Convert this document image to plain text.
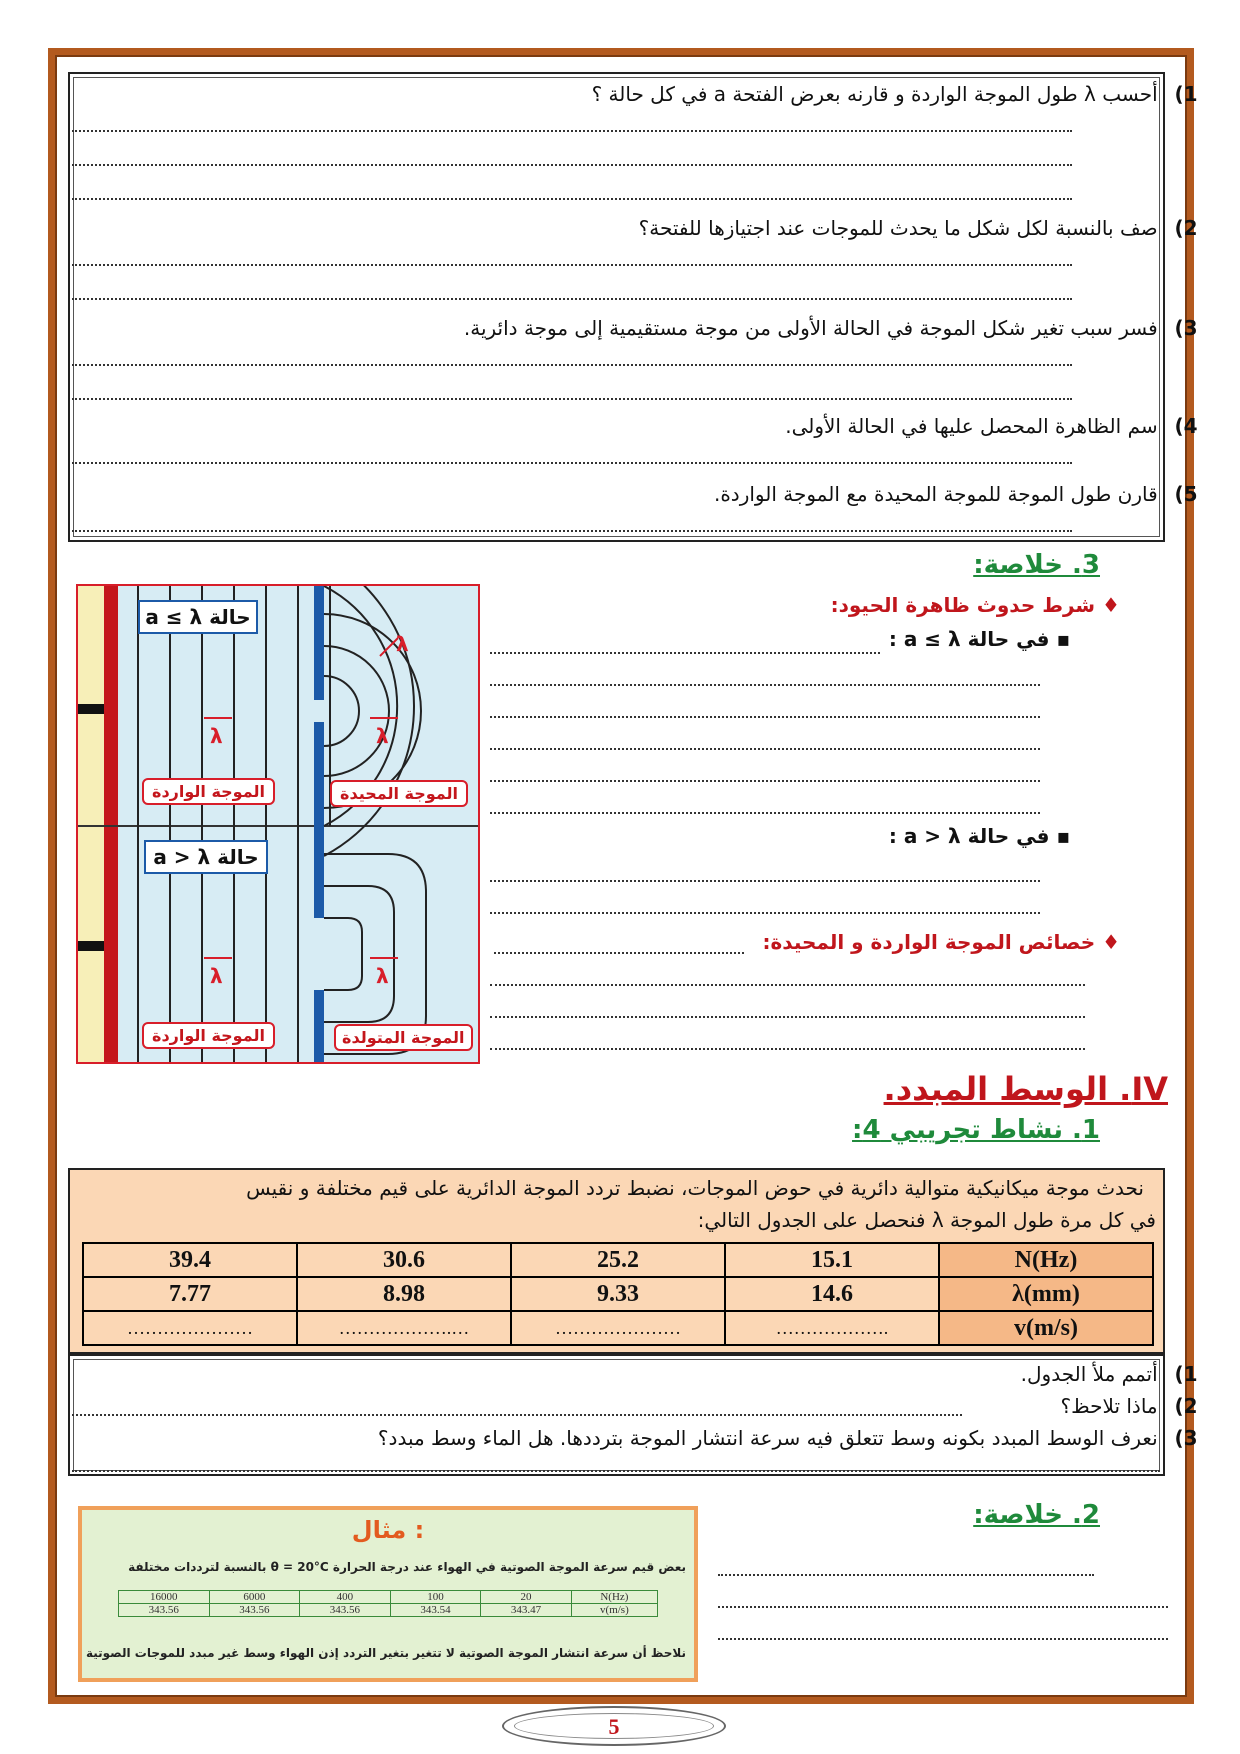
1) أحسب λ طول الموجة الواردة و قارنه بعرض الفتحة a في كل حالة ؟
2) صف بالنسبة لكل شكل ما يحدث للموجات عند اجتيازها للفتحة؟
3) فسر سبب تغير شكل الموجة في الحالة الأولى من موجة مستقيمية إلى موجة دائرية.
4) سم الظاهرة المحصل عليها في الحالة الأولى.
5) قارن طول الموجة للموجة المحيدة مع الموجة الواردة.
3. خلاصة:
♦ شرط حدوث ظاهرة الحيود:
▪ في حالة a ≤ λ :
▪ في حالة a > λ :
♦ خصائص الموجة الواردة و المحيدة:
حالة a ≤ λ
حالة a > λ
λ	λ
λ
λ	λ
الموجة الواردة	الموجة المحيدة
الموجة الواردة	الموجة المتولدة
IV. الوسط المبدد.
1. نشاط تجريبي 4:
نحدث موجة ميكانيكية متوالية دائرية في حوض الموجات، نضبط تردد الموجة الدائرية على قيم مختلفة و نقيس
في كل مرة طول الموجة λ فنحصل على الجدول التالي:
39.4	30.6	25.2	15.1	N(Hz)
7.77	8.98	9.33	14.6	λ(mm)
…………………	……………….…	…………………	……………….	v(m/s)
1) أتمم ملأ الجدول.
2) ماذا تلاحظ؟
3) نعرف الوسط المبدد بكونه وسط تتعلق فيه سرعة انتشار الموجة بترددها. هل الماء وسط مبدد؟
2. خلاصة:
مثال :
بعض قيم سرعة الموجة الصوتية في الهواء عند درجة الحرارة θ = 20°C بالنسبة لترددات مختلفة
16000	6000	400	100	20	N(Hz)
343.56	343.56	343.56	343.54	343.47	v(m/s)
نلاحظ أن سرعة انتشار الموجة الصوتية لا تتغير بتغير التردد إذن الهواء وسط غير مبدد للموجات الصوتية
5
